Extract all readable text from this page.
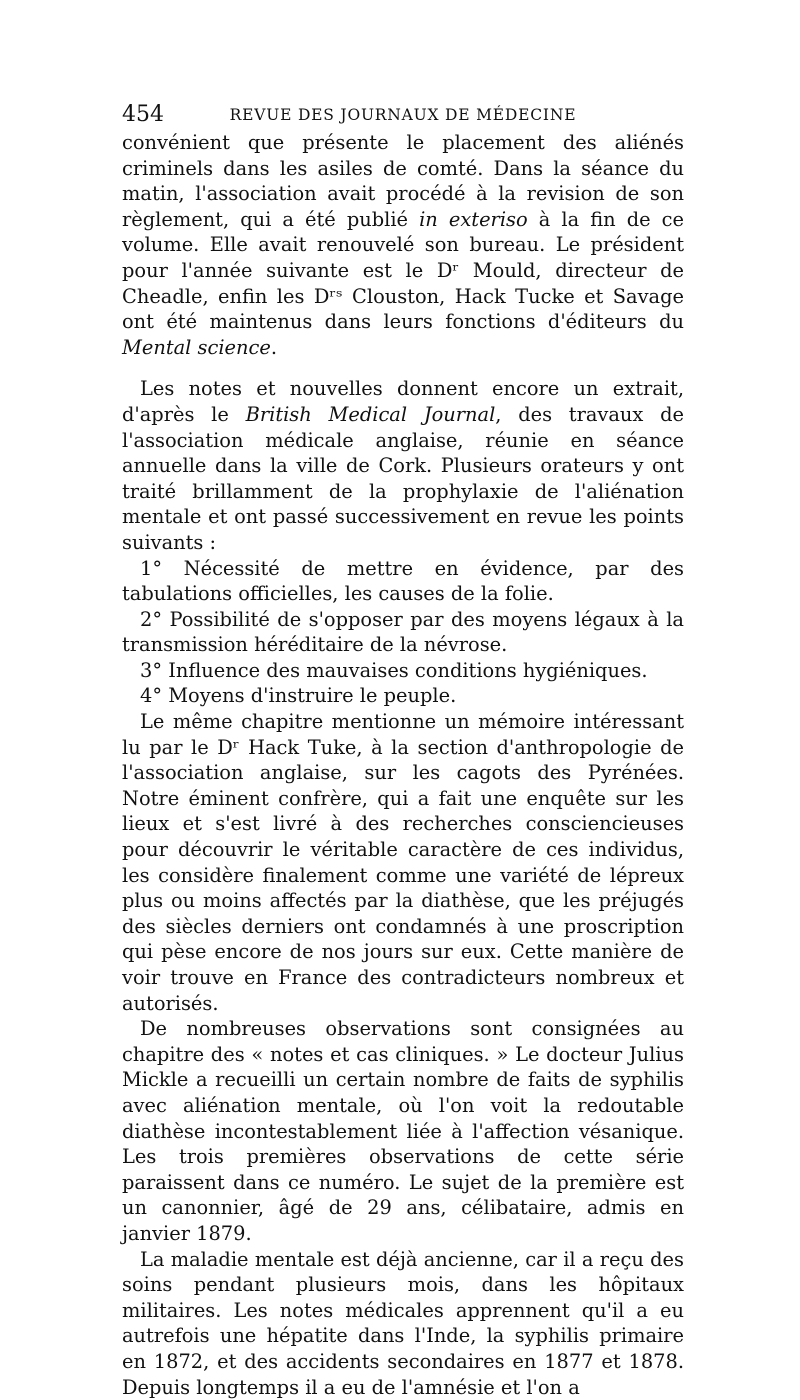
454	REVUE DES JOURNAUX DE MÉDECINE

convénient que présente le placement des aliénés criminels dans les asiles de comté. Dans la séance du matin, l'association avait procédé à la revision de son règlement, qui a été publié in exteriso à la fin de ce volume. Elle avait renouvelé son bureau. Le président pour l'année suivante est le Dʳ Mould, directeur de Cheadle, enfin les Dʳˢ Clouston, Hack Tucke et Savage ont été maintenus dans leurs fonctions d'éditeurs du Mental science.

Les notes et nouvelles donnent encore un extrait, d'après le British Medical Journal, des travaux de l'association médicale anglaise, réunie en séance annuelle dans la ville de Cork. Plusieurs orateurs y ont traité brillamment de la prophylaxie de l'aliénation mentale et ont passé successivement en revue les points suivants :

1° Nécessité de mettre en évidence, par des tabulations officielles, les causes de la folie.

2° Possibilité de s'opposer par des moyens légaux à la transmission héréditaire de la névrose.

3° Influence des mauvaises conditions hygiéniques.

4° Moyens d'instruire le peuple.

Le même chapitre mentionne un mémoire intéressant lu par le Dʳ Hack Tuke, à la section d'anthropologie de l'association anglaise, sur les cagots des Pyrénées. Notre éminent confrère, qui a fait une enquête sur les lieux et s'est livré à des recherches consciencieuses pour découvrir le véritable caractère de ces individus, les considère finalement comme une variété de lépreux plus ou moins affectés par la diathèse, que les préjugés des siècles derniers ont condamnés à une proscription qui pèse encore de nos jours sur eux. Cette manière de voir trouve en France des contradicteurs nombreux et autorisés.

De nombreuses observations sont consignées au chapitre des « notes et cas cliniques. » Le docteur Julius Mickle a recueilli un certain nombre de faits de syphilis avec aliénation mentale, où l'on voit la redoutable diathèse incontestablement liée à l'affection vésanique. Les trois premières observations de cette série paraissent dans ce numéro. Le sujet de la première est un canonnier, âgé de 29 ans, célibataire, admis en janvier 1879.

La maladie mentale est déjà ancienne, car il a reçu des soins pendant plusieurs mois, dans les hôpitaux militaires. Les notes médicales apprennent qu'il a eu autrefois une hépatite dans l'Inde, la syphilis primaire en 1872, et des accidents secondaires en 1877 et 1878. Depuis longtemps il a eu de l'amnésie et l'on a
